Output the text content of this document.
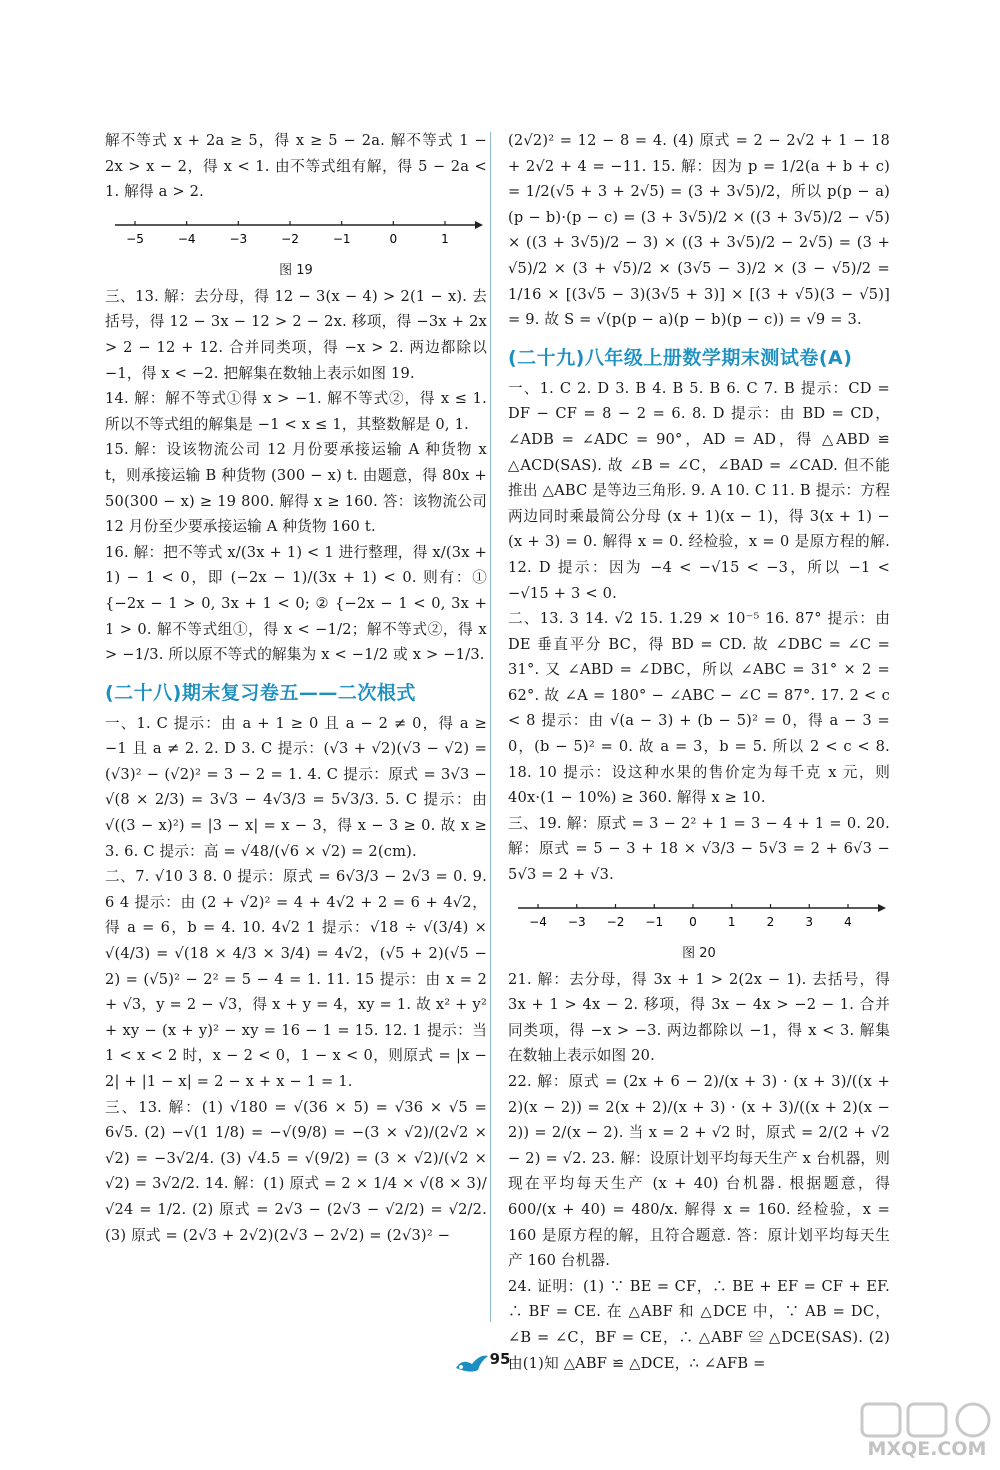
解不等式 x + 2a ≥ 5，得 x ≥ 5 − 2a. 解不等式 1 − 2x > x − 2，得 x < 1. 由不等式组有解，得 5 − 2a < 1. 解得 a > 2.

−5	−4	−3	−2	−1	0	1
图 19

三、13. 解：去分母，得 12 − 3(x − 4) > 2(1 − x). 去括号，得 12 − 3x − 12 > 2 − 2x. 移项，得 −3x + 2x > 2 − 12 + 12. 合并同类项，得 −x > 2. 两边都除以 −1，得 x < −2. 把解集在数轴上表示如图 19.

14. 解：解不等式①得 x > −1. 解不等式②，得 x ≤ 1. 所以不等式组的解集是 −1 < x ≤ 1，其整数解是 0, 1.

15. 解：设该物流公司 12 月份要承接运输 A 种货物 x t，则承接运输 B 种货物 (300 − x) t. 由题意，得 80x + 50(300 − x) ≥ 19 800. 解得 x ≥ 160. 答：该物流公司 12 月份至少要承接运输 A 种货物 160 t.

16. 解：把不等式 x/(3x + 1) < 1 进行整理，得 x/(3x + 1) − 1 < 0，即 (−2x − 1)/(3x + 1) < 0. 则有：① {−2x − 1 > 0, 3x + 1 < 0; ② {−2x − 1 < 0, 3x + 1 > 0. 解不等式组①，得 x < −1/2；解不等式②，得 x > −1/3. 所以原不等式的解集为 x < −1/2 或 x > −1/3.

(二十八)期末复习卷五——二次根式

一、1. C 提示：由 a + 1 ≥ 0 且 a − 2 ≠ 0，得 a ≥ −1 且 a ≠ 2. 2. D 3. C 提示：(√3 + √2)(√3 − √2) = (√3)² − (√2)² = 3 − 2 = 1. 4. C 提示：原式 = 3√3 − √(8 × 2/3) = 3√3 − 4√3/3 = 5√3/3. 5. C 提示：由 √((3 − x)²) = |3 − x| = x − 3，得 x − 3 ≥ 0. 故 x ≥ 3. 6. C 提示：高 = √48/(√6 × √2) = 2(cm).

二、7. √10 3 8. 0 提示：原式 = 6√3/3 − 2√3 = 0. 9. 6 4 提示：由 (2 + √2)² = 4 + 4√2 + 2 = 6 + 4√2，得 a = 6，b = 4. 10. 4√2 1 提示：√18 ÷ √(3/4) × √(4/3) = √(18 × 4/3 × 3/4) = 4√2，(√5 + 2)(√5 − 2) = (√5)² − 2² = 5 − 4 = 1. 11. 15 提示：由 x = 2 + √3，y = 2 − √3，得 x + y = 4，xy = 1. 故 x² + y² + xy − (x + y)² − xy = 16 − 1 = 15. 12. 1 提示：当 1 < x < 2 时，x − 2 < 0，1 − x < 0，则原式 = |x − 2| + |1 − x| = 2 − x + x − 1 = 1.

三、13. 解：(1) √180 = √(36 × 5) = √36 × √5 = 6√5. (2) −√(1 1/8) = −√(9/8) = −(3 × √2)/(2√2 × √2) = −3√2/4. (3) √4.5 = √(9/2) = (3 × √2)/(√2 × √2) = 3√2/2. 14. 解：(1) 原式 = 2 × 1/4 × √(8 × 3)/√24 = 1/2. (2) 原式 = 2√3 − (2√3 − √2/2) = √2/2. (3) 原式 = (2√3 + 2√2)(2√3 − 2√2) = (2√3)² −

(2√2)² = 12 − 8 = 4. (4) 原式 = 2 − 2√2 + 1 − 18 + 2√2 + 4 = −11. 15. 解：因为 p = 1/2(a + b + c) = 1/2(√5 + 3 + 2√5) = (3 + 3√5)/2，所以 p(p − a)(p − b)·(p − c) = (3 + 3√5)/2 × ((3 + 3√5)/2 − √5) × ((3 + 3√5)/2 − 3) × ((3 + 3√5)/2 − 2√5) = (3 + √5)/2 × (3 + √5)/2 × (3√5 − 3)/2 × (3 − √5)/2 = 1/16 × [(3√5 − 3)(3√5 + 3)] × [(3 + √5)(3 − √5)] = 9. 故 S = √(p(p − a)(p − b)(p − c)) = √9 = 3.

(二十九)八年级上册数学期末测试卷(A)

一、1. C 2. D 3. B 4. B 5. B 6. C 7. B 提示：CD = DF − CF = 8 − 2 = 6. 8. D 提示：由 BD = CD，∠ADB = ∠ADC = 90°，AD = AD，得 △ABD ≌ △ACD(SAS). 故 ∠B = ∠C，∠BAD = ∠CAD. 但不能推出 △ABC 是等边三角形. 9. A 10. C 11. B 提示：方程两边同时乘最简公分母 (x + 1)(x − 1)，得 3(x + 1) − (x + 3) = 0. 解得 x = 0. 经检验，x = 0 是原方程的解. 12. D 提示：因为 −4 < −√15 < −3，所以 −1 < −√15 + 3 < 0.

二、13. 3 14. √2 15. 1.29 × 10⁻⁵ 16. 87° 提示：由 DE 垂直平分 BC，得 BD = CD. 故 ∠DBC = ∠C = 31°. 又 ∠ABD = ∠DBC，所以 ∠ABC = 31° × 2 = 62°. 故 ∠A = 180° − ∠ABC − ∠C = 87°. 17. 2 < c < 8 提示：由 √(a − 3) + (b − 5)² = 0，得 a − 3 = 0，(b − 5)² = 0. 故 a = 3，b = 5. 所以 2 < c < 8. 18. 10 提示：设这种水果的售价定为每千克 x 元，则 40x·(1 − 10%) ≥ 360. 解得 x ≥ 10.

三、19. 解：原式 = 3 − 2² + 1 = 3 − 4 + 1 = 0. 20. 解：原式 = 5 − 3 + 18 × √3/3 − 5√3 = 2 + 6√3 − 5√3 = 2 + √3.

−4 −3 −2 −1 0	1	2	3	4
图 20

21. 解：去分母，得 3x + 1 > 2(2x − 1). 去括号，得 3x + 1 > 4x − 2. 移项，得 3x − 4x > −2 − 1. 合并同类项，得 −x > −3. 两边都除以 −1，得 x < 3. 解集在数轴上表示如图 20.

22. 解：原式 = (2x + 6 − 2)/(x + 3) · (x + 3)/((x + 2)(x − 2)) = 2(x + 2)/(x + 3) · (x + 3)/((x + 2)(x − 2)) = 2/(x − 2). 当 x = 2 + √2 时，原式 = 2/(2 + √2 − 2) = √2. 23. 解：设原计划平均每天生产 x 台机器，则现在平均每天生产 (x + 40) 台机器. 根据题意，得 600/(x + 40) = 480/x. 解得 x = 160. 经检验，x = 160 是原方程的解，且符合题意. 答：原计划平均每天生产 160 台机器.

24. 证明：(1) ∵ BE = CF，∴ BE + EF = CF + EF. ∴ BF = CE. 在 △ABF 和 △DCE 中，∵ AB = DC，∠B = ∠C，BF = CE，∴ △ABF ≌ △DCE(SAS). (2) 由(1)知 △ABF ≌ △DCE，∴ ∠AFB =

95
MXQE.COM
